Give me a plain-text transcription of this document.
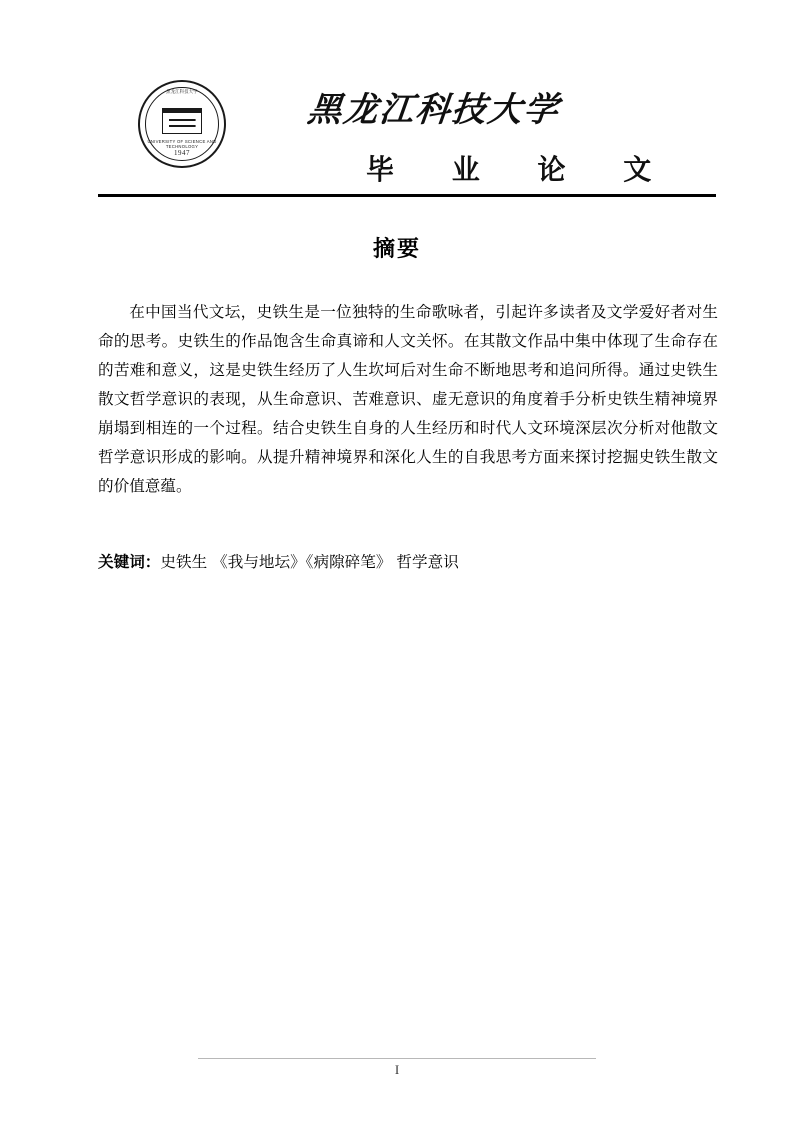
黑龙江科技大学
1947
UNIVERSITY OF SCIENCE AND TECHNOLOGY
黑龙江科技大学
毕 业 论 文
摘要
在中国当代文坛，史铁生是一位独特的生命歌咏者，引起许多读者及文学爱好者对生命的思考。史铁生的作品饱含生命真谛和人文关怀。在其散文作品中集中体现了生命存在的苦难和意义，这是史铁生经历了人生坎坷后对生命不断地思考和追问所得。通过史铁生散文哲学意识的表现，从生命意识、苦难意识、虚无意识的角度着手分析史铁生精神境界崩塌到相连的一个过程。结合史铁生自身的人生经历和时代人文环境深层次分析对他散文哲学意识形成的影响。从提升精神境界和深化人生的自我思考方面来探讨挖掘史铁生散文的价值意蕴。
关键词：史铁生 《我与地坛》《病隙碎笔》 哲学意识
I
